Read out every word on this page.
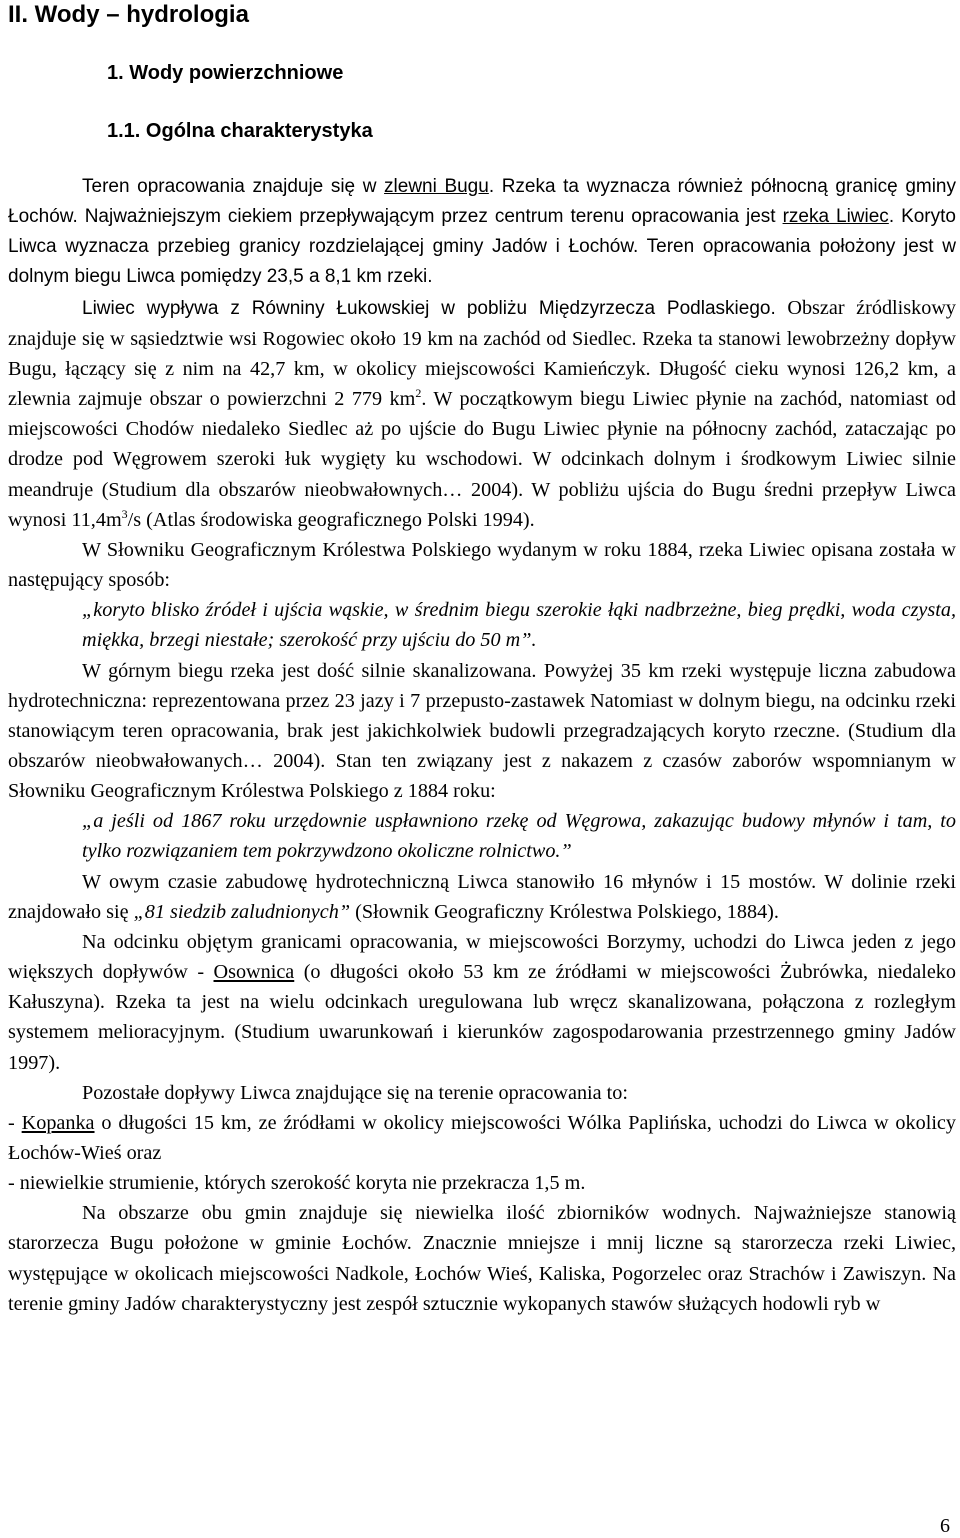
II. Wody – hydrologia
1. Wody powierzchniowe
1.1. Ogólna charakterystyka

Teren opracowania znajduje się w zlewni Bugu. Rzeka ta wyznacza również północną granicę gminy Łochów. Najważniejszym ciekiem przepływającym przez centrum terenu opracowania jest rzeka Liwiec. Koryto Liwca wyznacza przebieg granicy rozdzielającej gminy Jadów i Łochów. Teren opracowania położony jest w dolnym biegu Liwca pomiędzy 23,5 a 8,1 km rzeki.

Liwiec wypływa z Równiny Łukowskiej w pobliżu Międzyrzecza Podlaskiego. Obszar źródliskowy znajduje się w sąsiedztwie wsi Rogowiec około 19 km na zachód od Siedlec. Rzeka ta stanowi lewobrzeżny dopływ Bugu, łączący się z nim na 42,7 km, w okolicy miejscowości Kamieńczyk. Długość cieku wynosi 126,2 km, a zlewnia zajmuje obszar o powierzchni 2 779 $km^2$. W początkowym biegu Liwiec płynie na zachód, natomiast od miejscowości Chodów niedaleko Siedlec aż po ujście do Bugu Liwiec płynie na północny zachód, zataczając po drodze pod Węgrowem szeroki łuk wygięty ku wschodowi. W odcinkach dolnym i środkowym Liwiec silnie meandruje (Studium dla obszarów nieobwałownych… 2004). W pobliżu ujścia do Bugu średni przepływ Liwca wynosi $11,4m^3/s$ (Atlas środowiska geograficznego Polski 1994).

W Słowniku Geograficznym Królestwa Polskiego wydanym w roku 1884, rzeka Liwiec opisana została w następujący sposób:

„koryto blisko źródeł i ujścia wąskie, w średnim biegu szerokie łąki nadbrzeżne, bieg prędki, woda czysta, miękka, brzegi niestałe; szerokość przy ujściu do 50 m”.

W górnym biegu rzeka jest dość silnie skanalizowana. Powyżej 35 km rzeki występuje liczna zabudowa hydrotechniczna: reprezentowana przez 23 jazy i 7 przepusto-zastawek Natomiast w dolnym biegu, na odcinku rzeki stanowiącym teren opracowania, brak jest jakichkolwiek budowli przegradzających koryto rzeczne. (Studium dla obszarów nieobwałowanych… 2004). Stan ten związany jest z nakazem z czasów zaborów wspomnianym w Słowniku Geograficznym Królestwa Polskiego z 1884 roku:

„a jeśli od 1867 roku urzędownie uspławniono rzekę od Węgrowa, zakazując budowy młynów i tam, to tylko rozwiązaniem tem pokrzywdzono okoliczne rolnictwo.”

W owym czasie zabudowę hydrotechniczną Liwca stanowiło 16 młynów i 15 mostów. W dolinie rzeki znajdowało się „81 siedzib zaludnionych” (Słownik Geograficzny Królestwa Polskiego, 1884).

Na odcinku objętym granicami opracowania, w miejscowości Borzymy, uchodzi do Liwca jeden z jego większych dopływów - Osownica (o długości około 53 km ze źródłami w miejscowości Żubrówka, niedaleko Kałuszyna). Rzeka ta jest na wielu odcinkach uregulowana lub wręcz skanalizowana, połączona z rozległym systemem melioracyjnym. (Studium uwarunkowań i kierunków zagospodarowania przestrzennego gminy Jadów 1997).

Pozostałe dopływy Liwca znajdujące się na terenie opracowania to:

- Kopanka o długości 15 km, ze źródłami w okolicy miejscowości Wólka Paplińska, uchodzi do Liwca w okolicy Łochów-Wieś oraz

- niewielkie strumienie, których szerokość koryta nie przekracza 1,5 m.

Na obszarze obu gmin znajduje się niewielka ilość zbiorników wodnych. Najważniejsze stanowią starorzecza Bugu położone w gminie Łochów. Znacznie mniejsze i mnij liczne są starorzecza rzeki Liwiec, występujące w okolicach miejscowości Nadkole, Łochów Wieś, Kaliska, Pogorzelec oraz Strachów i Zawiszyn. Na terenie gminy Jadów charakterystyczny jest zespół sztucznie wykopanych stawów służących hodowli ryb w

6
